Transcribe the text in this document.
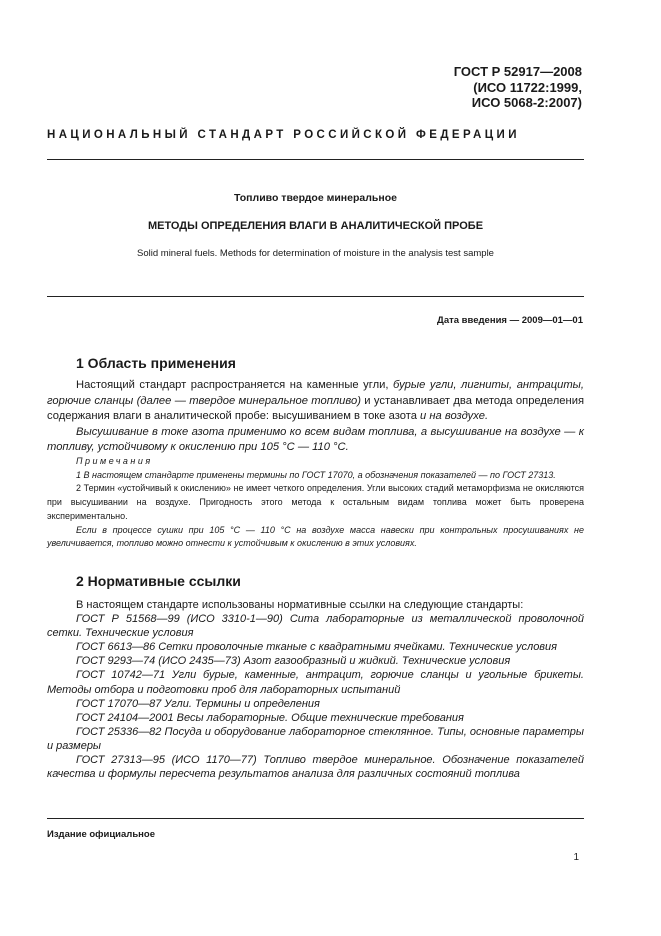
ГОСТ Р 52917—2008
(ИСО 11722:1999,
ИСО 5068-2:2007)
НАЦИОНАЛЬНЫЙ СТАНДАРТ РОССИЙСКОЙ ФЕДЕРАЦИИ
Топливо твердое минеральное
МЕТОДЫ ОПРЕДЕЛЕНИЯ ВЛАГИ В АНАЛИТИЧЕСКОЙ ПРОБЕ
Solid mineral fuels. Methods for determination of moisture in the analysis test sample
Дата введения — 2009—01—01
1 Область применения
Настоящий стандарт распространяется на каменные угли, бурые угли, лигниты, антрациты, горючие сланцы (далее — твердое минеральное топливо) и устанавливает два метода определения содержания влаги в аналитической пробе: высушиванием в токе азота и на воздухе.
Высушивание в токе азота применимо ко всем видам топлива, а высушивание на воздухе — к топливу, устойчивому к окислению при 105 °С — 110 °С.
Примечания
1 В настоящем стандарте применены термины по ГОСТ 17070, а обозначения показателей — по ГОСТ 27313.
2 Термин «устойчивый к окислению» не имеет четкого определения. Угли высоких стадий метаморфизма не окисляются при высушивании на воздухе. Пригодность этого метода к остальным видам топлива может быть проверена экспериментально.
Если в процессе сушки при 105 °С — 110 °С на воздухе масса навески при контрольных просушиваниях не увеличивается, топливо можно отнести к устойчивым к окислению в этих условиях.
2 Нормативные ссылки
В настоящем стандарте использованы нормативные ссылки на следующие стандарты:
ГОСТ Р 51568—99 (ИСО 3310-1—90) Сита лабораторные из металлической проволочной сетки. Технические условия
ГОСТ 6613—86 Сетки проволочные тканые с квадратными ячейками. Технические условия
ГОСТ 9293—74 (ИСО 2435—73) Азот газообразный и жидкий. Технические условия
ГОСТ 10742—71 Угли бурые, каменные, антрацит, горючие сланцы и угольные брикеты. Методы отбора и подготовки проб для лабораторных испытаний
ГОСТ 17070—87 Угли. Термины и определения
ГОСТ 24104—2001 Весы лабораторные. Общие технические требования
ГОСТ 25336—82 Посуда и оборудование лабораторное стеклянное. Типы, основные параметры и размеры
ГОСТ 27313—95 (ИСО 1170—77) Топливо твердое минеральное. Обозначение показателей качества и формулы пересчета результатов анализа для различных состояний топлива
Издание официальное
1
